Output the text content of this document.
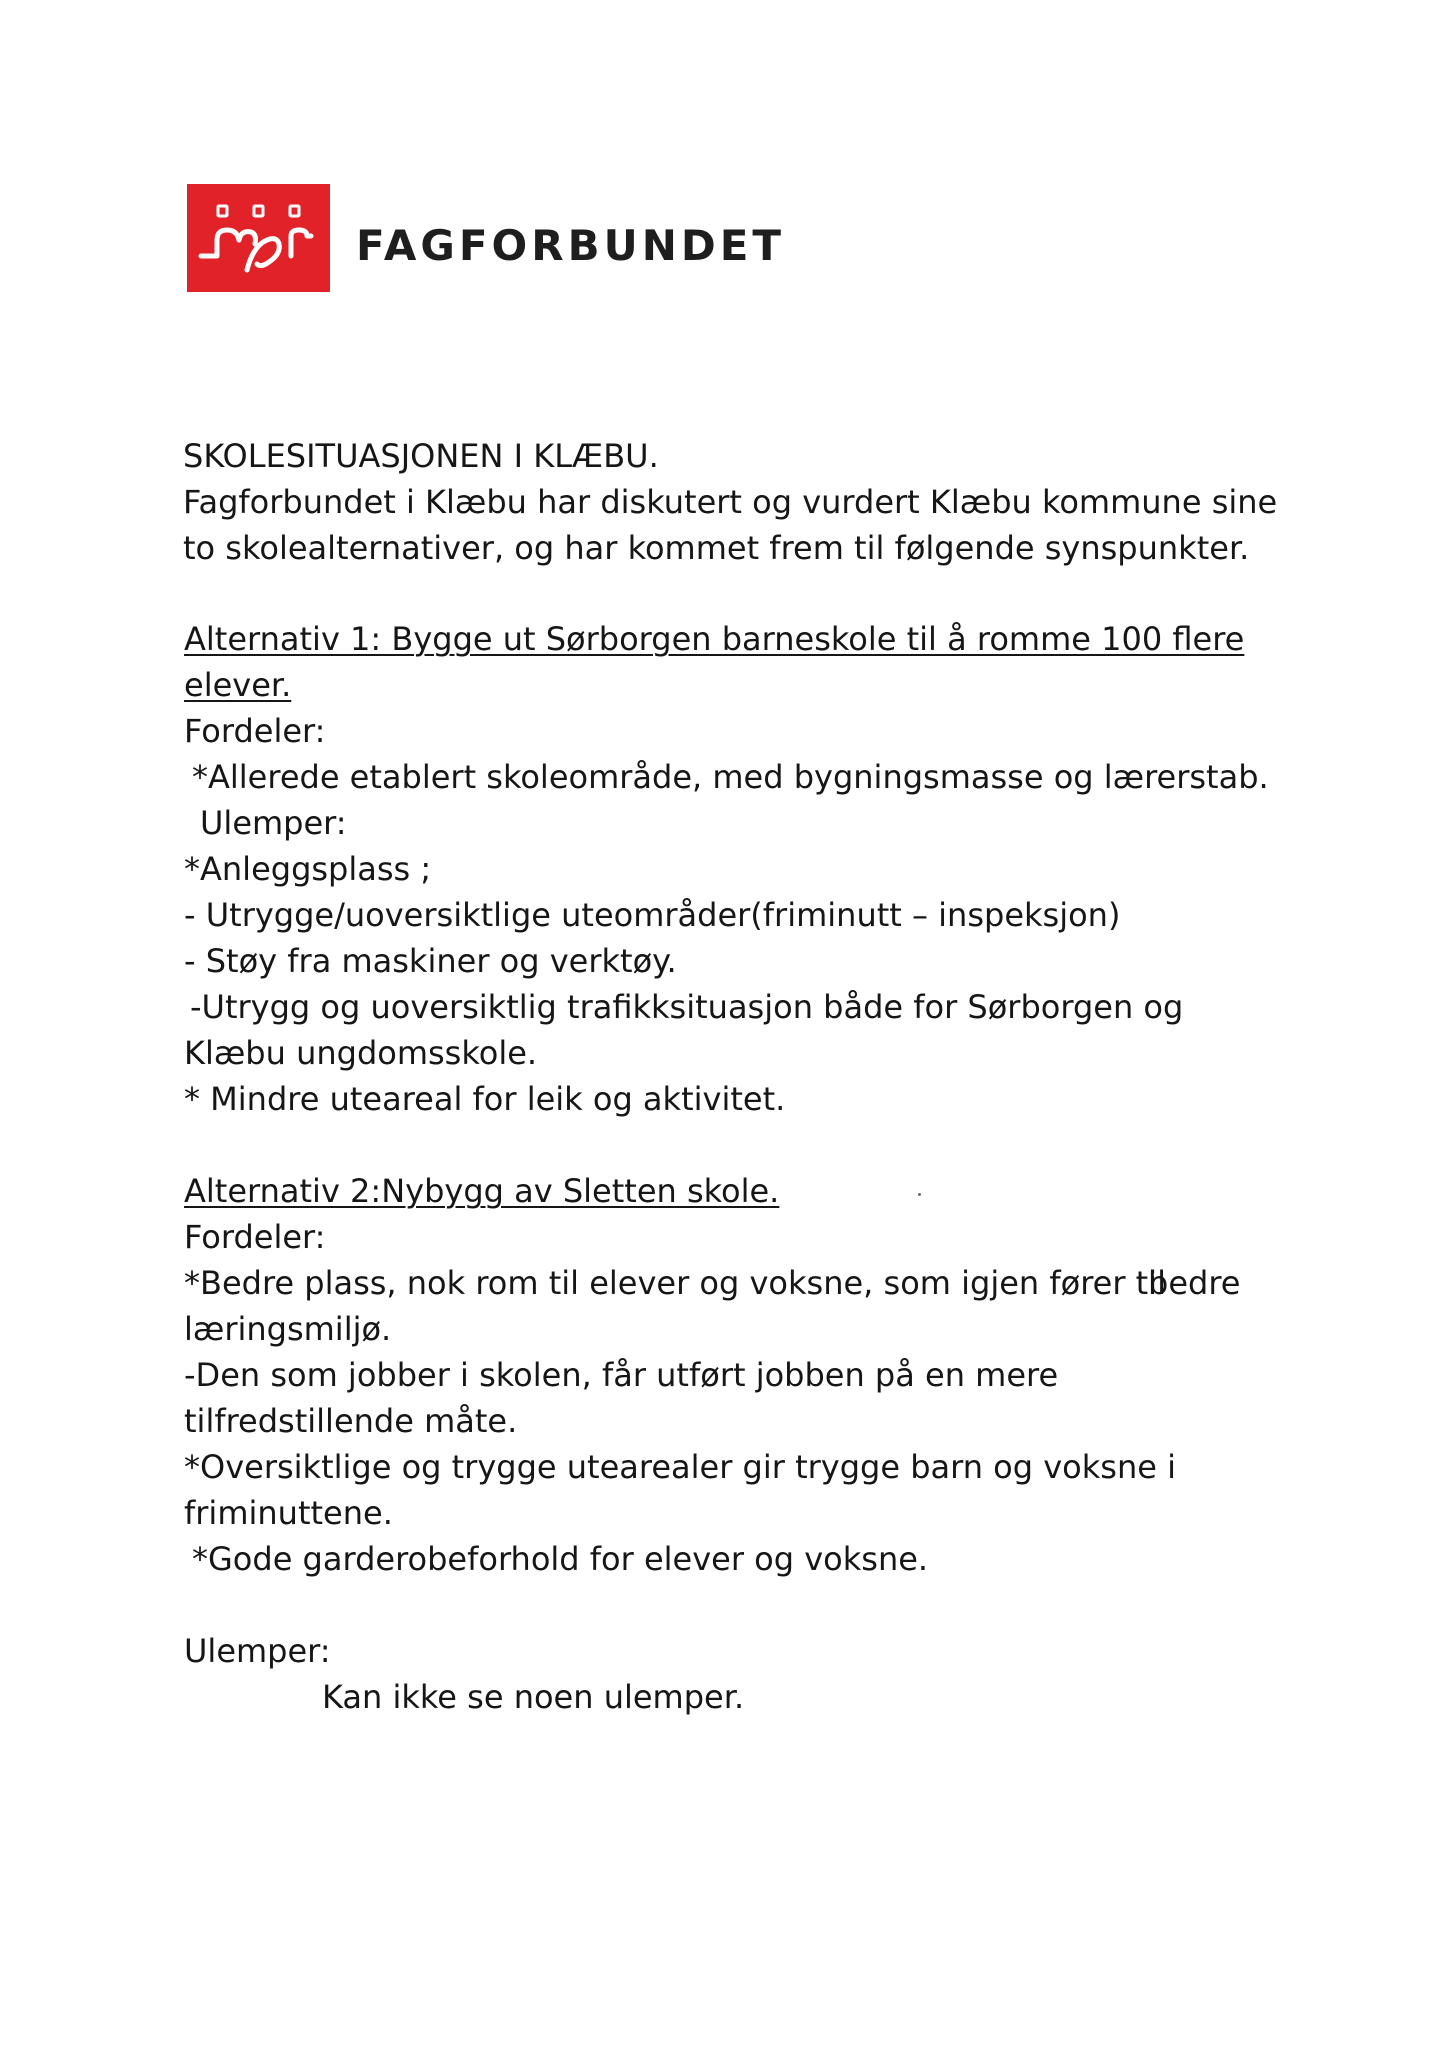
FAGFORBUNDET
SKOLESITUASJONEN I KLÆBU.
Fagforbundet i Klæbu har diskutert og vurdert Klæbu kommune sine
to skolealternativer, og har kommet frem til følgende synspunkter.
Alternativ 1: Bygge ut Sørborgen barneskole til å romme 100 flere
elever.
Fordeler:
*Allerede etablert skoleområde, med bygningsmasse og lærerstab.
Ulemper:
*Anleggsplass ;
- Utrygge/uoversiktlige uteområder(friminutt – inspeksjon)
- Støy fra maskiner og verktøy.
-Utrygg og uoversiktlig trafikksituasjon både for Sørborgen og
Klæbu ungdomsskole.
* Mindre uteareal for leik og aktivitet.
Alternativ 2:Nybygg av Sletten skole.
Fordeler:
*Bedre plass, nok rom til elever og voksne, som igjen fører til
bedre
læringsmiljø.
-Den som jobber i skolen, får utført jobben på en mere
tilfredstillende måte.
*Oversiktlige og trygge utearealer gir trygge barn og voksne i
friminuttene.
*Gode garderobeforhold for elever og voksne.
Ulemper:
Kan ikke se noen ulemper.
